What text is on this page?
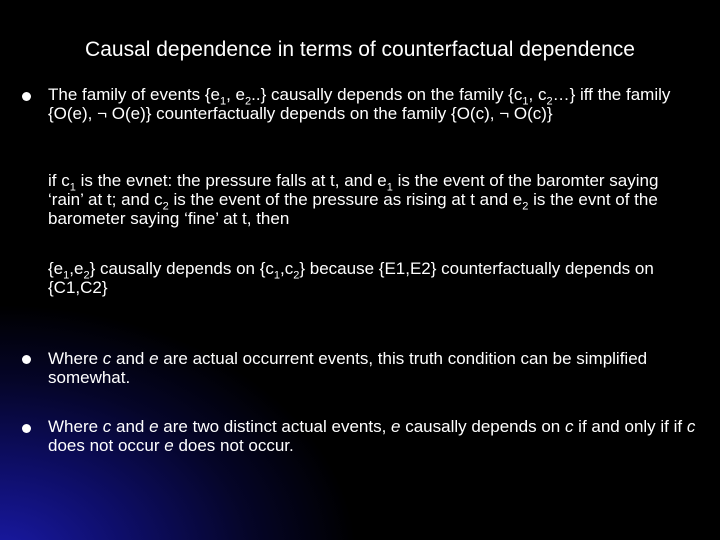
Causal dependence in terms of counterfactual dependence
The family of events {$e_1$, $e_2$..} causally depends on the family {$c_1$, $c_2\dots$} iff the family {O(e), ¬ O(e)} counterfactually depends on the family {O(c), ¬ O(c)}
if $c_1$ is the evnet: the pressure falls at t, and $e_1$ is the event of the baromter saying ‘rain’ at t; and $c_2$ is the event of the pressure as rising at t and $e_2$ is the evnt of the barometer saying ‘fine’ at t, then
$\{e_1,e_2\}$ causally depends on $\{c_1,c_2\}$ because {E1,E2} counterfactually depends on {C1,C2}
Where c and e are actual occurrent events, this truth condition can be simplified somewhat.
Where c and e are two distinct actual events, e causally depends on c if and only if if c does not occur e does not occur.
